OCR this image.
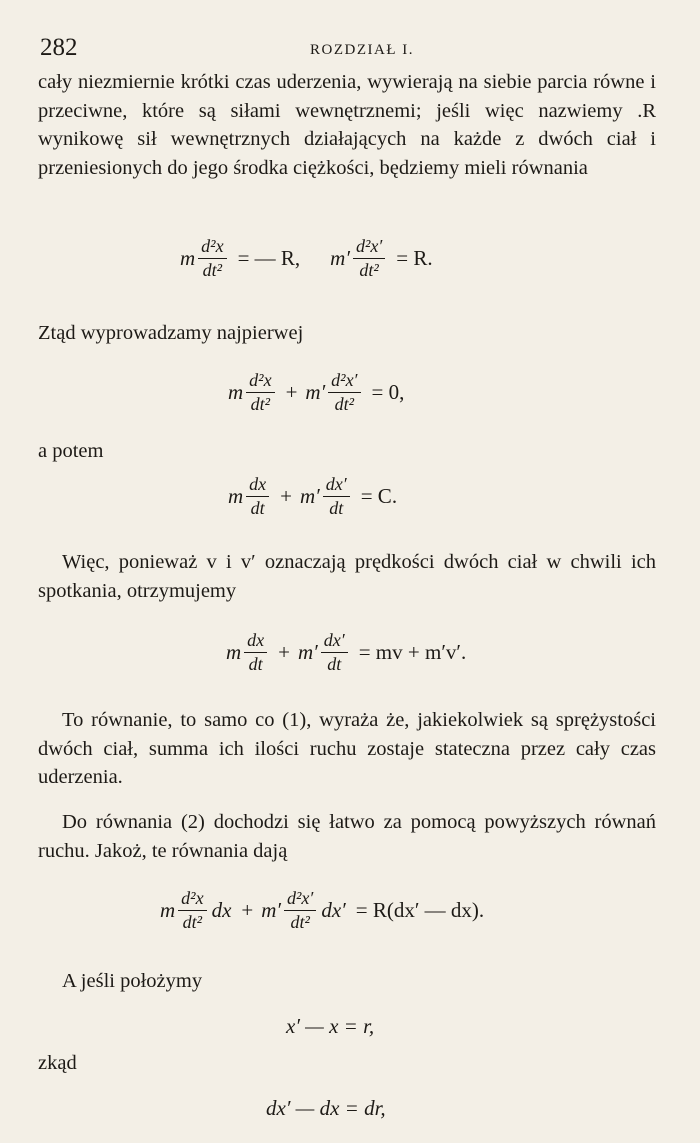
282	ROZDZIAŁ I.

cały niezmiernie krótki czas uderzenia, wywierają na siebie parcia równe i przeciwne, które są siłami wewnętrznemi; jeśli więc nazwiemy .R wynikowę sił wewnętrznych działających na każde z dwóch ciał i przeniesionych do jego środka ciężkości, będziemy mieli równania

m $\frac{\text{d²x}}{\text{dt²}}$ = — R, $m' \frac{\text{d²x′}}{\text{dt²}} = R$.
Ztąd wyprowadzamy najpierwej
m $\frac{\text{d²x}}{\text{dt²}} + m' \frac{\text{d²x′}}{\text{dt²}} = 0$,
a potem
m $\frac{dx}{dt} + m' \frac{dx'}{dt} = C$.

Więc, ponieważ v i v′ oznaczają prędkości dwóch ciał w chwili ich spotkania, otrzymujemy

m $\frac{dx}{dt} + m' \frac{dx'}{dt}$ = mv + m′v′.

To równanie, to samo co (1), wyraża że, jakiekolwiek są sprężystości dwóch ciał, summa ich ilości ruchu zostaje stateczna przez cały czas uderzenia.

Do równania (2) dochodzi się łatwo za pomocą powyższych równań ruchu. Jakoż, te równania dają

m $\frac{\text{d²x}}{\text{dt²}}$ dx + $m' \frac{\text{d²x′}}{\text{dt²}} dx' = R(dx'$ — dx).
A jeśli położymy
x′ — x = r,
zkąd
dx′ — dx = dr,
